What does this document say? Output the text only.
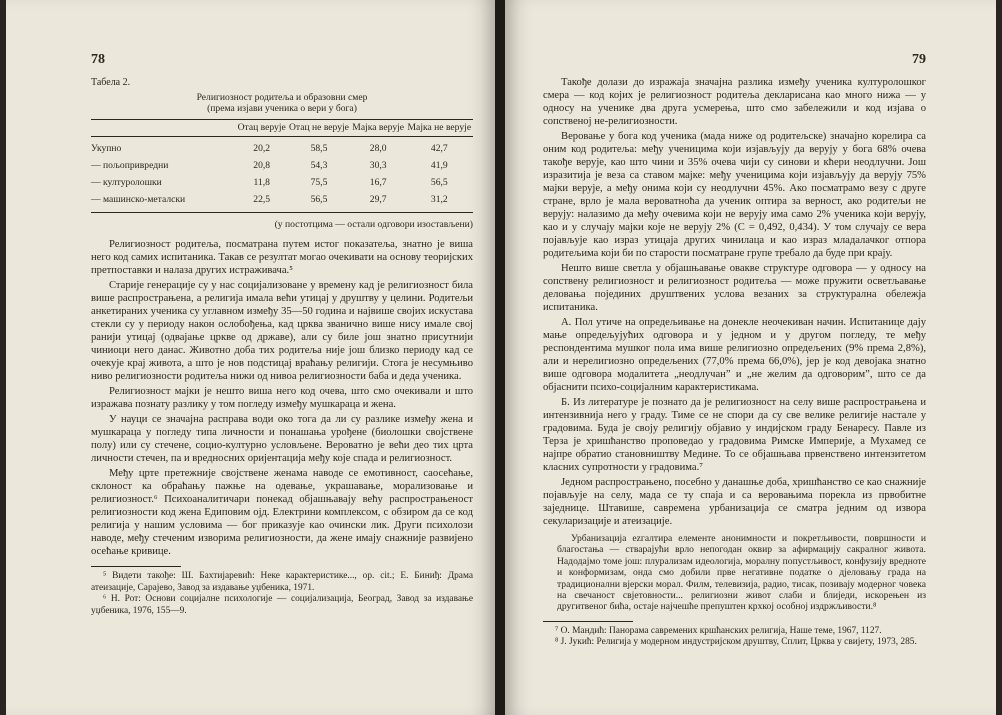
78

Табела 2.

Религиозност родитеља и образовни смер
(према изјави ученика о вери у бога)
	Отац верује	Отац не верује	Мајка верује	Мајка не верује
Укупно	20,2	58,5	28,0	42,7
— пољопривредни	20,8	54,3	30,3	41,9
— културолошки	11,8	75,5	16,7	56,5
— машинско-металски	22,5	56,5	29,7	31,2
(у постотцима — остали одговори изостављени)

Религиозност родитеља, посматрана путем истог показатеља, знатно је виша него код самих испитаника. Такав се резултат могао очекивати на основу теоријских претпоставки и налаза других истраживача.⁵

Старије генерације су у нас социјализоване у времену кад је религиозност била више распрострањена, а религија имала већи утицај у друштву у целини. Родитељи анкетираних ученика су углавном између 35—50 година и највише својих искустава стекли су у периоду након ослобођења, кад црква званично више нису имале свој ранији утицај (одвајање цркве од државе), али су биле још знатно присутнији чиниоци него данас. Животно доба тих родитеља није још близко периоду кад се очекује крај живота, а што је нов подстицај враћању религији. Стога је несумњиво ниво религиозности родитеља нижи од нивоа религиозности баба и деда ученика.

Религиозност мајки је нешто виша него код очева, што смо очекивали и што изражава познату разлику у том погледу између мушкараца и жена.

У науци се значајна расправа води око тога да ли су разлике између жена и мушкараца у погледу типа личности и понашања урођене (биолошки својствене полу) или су стечене, социо-културно условљене. Вероватно је већи део тих црта личности стечен, па и вредносних оријентација међу које спада и религиозност.

Међу црте претежније својствене женама наводе се емотивност, саосећање, склоност ка обраћању пажње на одевање, украшавање, морализовање и религиозност.⁶ Психоаналитичари понекад објашњавају већу распрострањеност религиозности код жена Едиповим ојд. Електрини комплексом, с обзиром да се код религија у нашим условима — бог приказује као очински лик. Други психолози наводе, међу стеченим изворима религиозности, да жене имају снажније развијено осећање кривице.

⁵ Видети такође: Ш. Бахтијаревић: Неке карактеристике..., op. cit.; Е. Биниђ: Драма атеизације, Сарајево, Завод за издавање уџбеника, 1971.

⁶ Н. Рот: Основи социјалне психологије — социјализација, Београд, Завод за издавање уџбеника, 1976, 155—9.

79

Такође долази до изражаја значајна разлика између ученика културолошког смера — код којих је религиозност родитеља декларисана као много нижа — у односу на ученике два друга усмерења, што смо забележили и код изјава о сопственој не-религиозности.

Веровање у бога код ученика (мада ниже од родитељске) значајно корелира са оним код родитеља: међу ученицима који изјављују да верују у бога 68% очева такође верује, као што чини и 35% очева чији су синови и кћери неодлучни. Још изразитија је веза са ставом мајке: међу ученицима који изјављују да верују 75% мајки верује, а међу онима који су неодлучни 45%. Ако посматрамо везу с друге стране, врло је мала вероватноћа да ученик оптира за верност, ако родитељи не верују: налазимо да међу очевима који не верују има само 2% ученика који верују, као и у случају мајки које не верују 2% (C = 0,492, 0,434). У том случају се вера појављује као израз утицаја других чинилаца и као израз младалачког отпора родитељима који би по старости посматране групе требало да буде при крају.

Нешто више светла у објашњавање овакве структуре одговора — у односу на сопствену религиозност и религиозност родитеља — може пружити осветљавање деловања појединих друштвених услова везаних за структурална обележја испитаника.

А. Пол утиче на опредељивање на донекле неочекиван начин. Испитанице дају мање опредељујућих одговора и у једном и у другом погледу, те међу респондентима мушког пола има више религиозно опредељених (9% према 2,8%), али и нерелигиозно опредељених (77,0% према 66,0%), јер је код девојака знатно више одговора модалитета „неодлучан” и „не желим да одговорим”, што се да објаснити психо-социјалним карактеристикама.

Б. Из литературе је познато да је религиозност на селу више распрострањена и интензивнија него у граду. Тиме се не спори да су све велике религије настале у градовима. Буда је своју религију објавио у индијском граду Бенаресу. Павле из Терза је хришћанство проповедао у градовима Римске Империје, а Мухамед се најпре обратио становништву Медине. То се објашњава првенствено интензитетом класних супротности у градовима.⁷

Једном распрострањено, посебно у данашње доба, хришћанство се као снажније појављује на селу, мада се ту спаја и са веровањима порекла из првобитне заједнице. Штавише, савремена урбанизација се сматра једним од извора секуларизације и атеизације.

Урбанизација ezгaлтира елементе анонимности и покретљивости, површности и благостања — стварајући врло непогодан оквир за афирмацију сакралног живота. Надодајмо томе још: плурализам идеологија, моралну попустљивост, конфузију вредноте и конформизам, онда смо добили прве негативне податке о дјеловању града на традиционални вјерски морал. Филм, телевизија, радио, тисак, позивају модерног човека на свечаност свјетовности... религиозни живот слаби и блиједи, искорењен из другитвеног бића, остаје најчешће препуштен крхкој особној издржљивости.⁸

⁷ О. Мандић: Панорама савремених кршћанских религија, Наше теме, 1967, 1127.

⁸ J. Јукић: Религија у модерном индустријском друштву, Сплит, Црква у свијету, 1973, 285.
